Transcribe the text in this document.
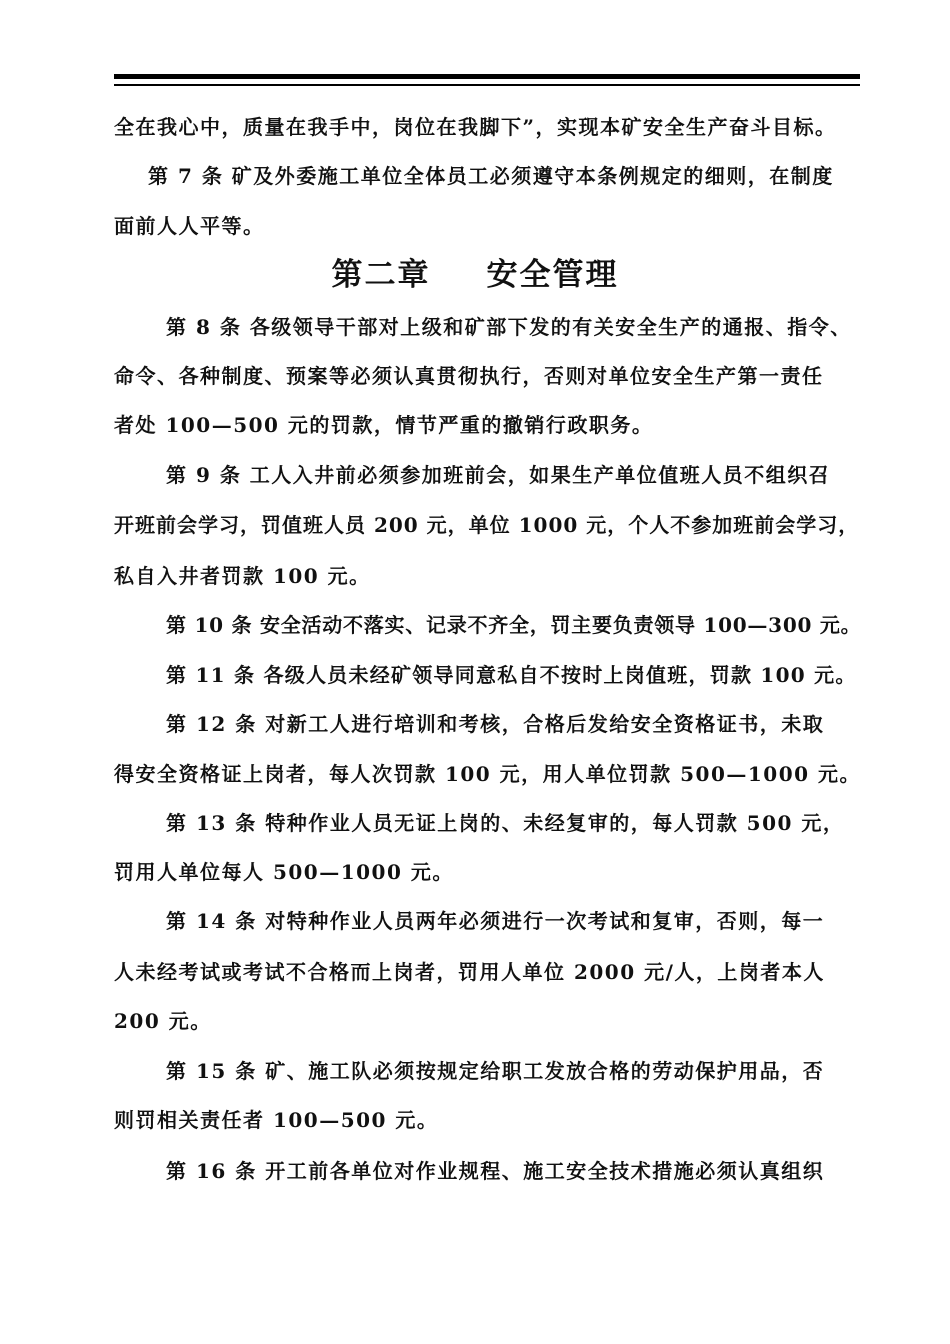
全在我心中，质量在我手中，岗位在我脚下”，实现本矿安全生产奋斗目标。
第 7 条 矿及外委施工单位全体员工必须遵守本条例规定的细则，在制度
面前人人平等。
第二章 安全管理
第 8 条 各级领导干部对上级和矿部下发的有关安全生产的通报、指令、
命令、各种制度、预案等必须认真贯彻执行，否则对单位安全生产第一责任
者处 100—500 元的罚款，情节严重的撤销行政职务。
第 9 条 工人入井前必须参加班前会，如果生产单位值班人员不组织召
开班前会学习，罚值班人员 200 元，单位 1000 元，个人不参加班前会学习，
私自入井者罚款 100 元。
第 10 条 安全活动不落实、记录不齐全，罚主要负责领导 100—300 元。
第 11 条 各级人员未经矿领导同意私自不按时上岗值班，罚款 100 元。
第 12 条 对新工人进行培训和考核，合格后发给安全资格证书，未取
得安全资格证上岗者，每人次罚款 100 元，用人单位罚款 500—1000 元。
第 13 条 特种作业人员无证上岗的、未经复审的，每人罚款 500 元，
罚用人单位每人 500—1000 元。
第 14 条 对特种作业人员两年必须进行一次考试和复审，否则，每一
人未经考试或考试不合格而上岗者，罚用人单位 2000 元/人，上岗者本人
200 元。
第 15 条 矿、施工队必须按规定给职工发放合格的劳动保护用品，否
则罚相关责任者 100—500 元。
第 16 条 开工前各单位对作业规程、施工安全技术措施必须认真组织
